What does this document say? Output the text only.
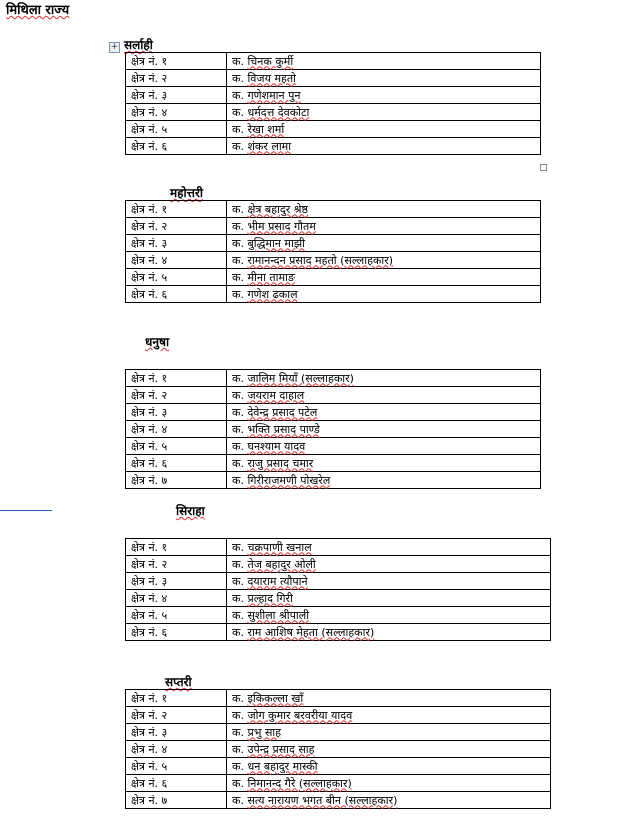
मिथिला राज्य
+ सर्लाही
क्षेत्र नं. १	क. चिनक कुर्मी
क्षेत्र नं. २	क. विजय महतो
क्षेत्र नं. ३	क. गणेशमान पुन
क्षेत्र नं. ४	क. धर्मदत्त देवकोटा
क्षेत्र नं. ५	क. रेखा शर्मा
क्षेत्र नं. ६	क. शंकर लामा
महोत्तरी
क्षेत्र नं. १	क. क्षेत्र बहादुर श्रेष्ठ
क्षेत्र नं. २	क. भीम प्रसाद गौतम
क्षेत्र नं. ३	क. बुद्धिमान माझी
क्षेत्र नं. ४	क. रामानन्दन प्रसाद महतो (सल्लाहकार)
क्षेत्र नं. ५	क. मीना तामाङ
क्षेत्र नं. ६	क. गणेश ढकाल
धनुषा
क्षेत्र नं. १	क. जालिम मियाँ (सल्लाहकार)
क्षेत्र नं. २	क. जयराम दाहाल
क्षेत्र नं. ३	क. देवेन्द्र प्रसाद पटेल
क्षेत्र नं. ४	क. भक्ति प्रसाद पाण्डे
क्षेत्र नं. ५	क. घनश्याम यादव
क्षेत्र नं. ६	क. राजु प्रसाद चमार
क्षेत्र नं. ७	क. गिरीराजमणी पोखरेल
सिराहा
क्षेत्र नं. १	क. चक्रपाणी खनाल
क्षेत्र नं. २	क. तेज बहादुर ओली
क्षेत्र नं. ३	क. दयाराम त्यौपाने
क्षेत्र नं. ४	क. प्रल्हाद गिरी
क्षेत्र नं. ५	क. सुशीला श्रीपाली
क्षेत्र नं. ६	क. राम आशिष मेहता (सल्लाहकार)
सप्तरी
क्षेत्र नं. १	क. इकिकल्ला खाँ
क्षेत्र नं. २	क. जोग कुमार बरवरीया यादव
क्षेत्र नं. ३	क. प्रभु साह
क्षेत्र नं. ४	क. उपेन्द्र प्रसाद साह
क्षेत्र नं. ५	क. धन बहादुर मास्की
क्षेत्र नं. ६	क. निमानन्द गैरे (सल्लाहकार)
क्षेत्र नं. ७	क. सत्य नारायण भगत बीन (सल्लाहकार)
